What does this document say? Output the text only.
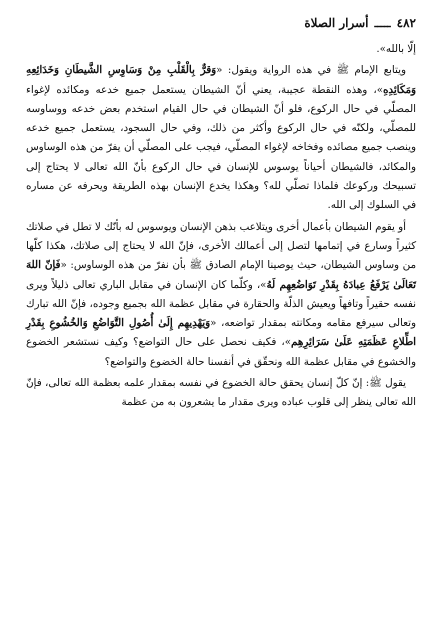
٤٨٢
ـــــ
أسرار الصلاة

إلّا بالله».

ويتابع الإمام ﷺ في هذه الرواية ويقول: «وَقرٌّ بِالْقَلْبِ مِنْ وَسَاوِسِ الشَّيطَانِ وَخَدَائِعِهِ وَمَكَائِدِهِ»، وهذه النقطة عجيبة، يعني أنّ الشيطان يستعمل جميع خدعه ومكائده لإغواء المصلّي في حال الركوع، فلو أنّ الشيطان في حال القيام استخدم بعض خدعه ووساوسه للمصلّي، ولكنّه في حال الركوع وأكثر من ذلك، وفي حال السجود، يستعمل جميع خدعه وينصب جميع مصائده وفخاخه لإغواء المصلّي، فيجب على المصلّي أن يفرّ من هذه الوساوس والمكائد، فالشيطان أحياناً يوسوس للإنسان في حال الركوع بأنّ الله تعالى لا يحتاج إلى تسبيحك وركوعك فلماذا تصلّي لله؟ وهكذا يخدع الإنسان بهذه الطريقة ويحرفه عن مساره في السلوك إلى الله.

أو يقوم الشيطان بأعمال أخرى ويتلاعب بذهن الإنسان ويوسوس له بأنّك لا تطل في صلاتك كثيراً وسارع في إتمامها لتصل إلى أعمالك الأخرى، فإنّ الله لا يحتاج إلى صلاتك، هكذا كلّها من وساوس الشيطان، حيث يوصينا الإمام الصادق ﷺ بأن نفرّ من هذه الوساوس: «فَإنّ اللهَ تَعَالَىٰ يَرْفَعُ عِبادَهُ بِقَدْرِ تَوَاضُعِهِم لَهُ»، وكلّما كان الإنسان في مقابل الباري تعالى ذليلاً ويرى نفسه حقيراً وتافهاً ويعيش الذلّة والحقارة في مقابل عظمة الله بجميع وجوده، فإنّ الله تبارك وتعالى سيرفع مقامه ومكانته بمقدار تواضعه، «وَيَهْدِيهِم إِلَىٰ أُصُولِ التَّوَاضُعِ وَالخُشُوعِ بِقَدْرِ اطِّلاعِ عَظَمَتِهِ عَلَىٰ سَرَائِرِهِم»، فكيف نحصل على حال التواضع؟ وكيف نستشعر الخضوع والخشوع في مقابل عظمة الله ونحقّق في أنفسنا حالة الخضوع والتواضع؟

يقول ﷺ: إنّ كلّ إنسان يحقق حالة الخضوع في نفسه بمقدار علمه بعظمة الله تعالى، فإنّ الله تعالى ينظر إلى قلوب عباده ويرى مقدار ما يشعرون به من عظمة
